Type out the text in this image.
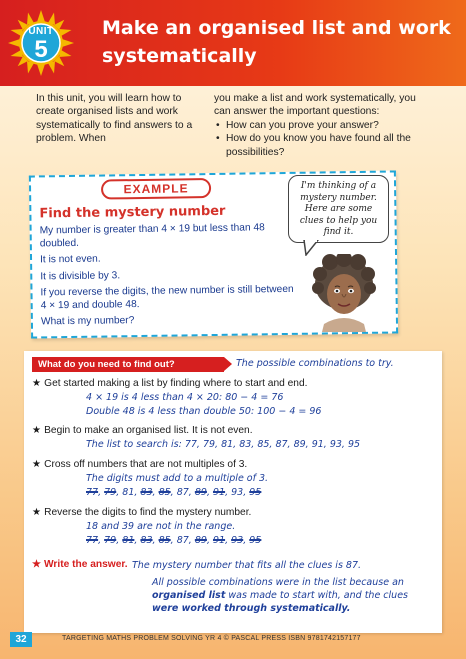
UNIT
5
Make an organised list and work
systematically
In this unit, you will learn how to create organised lists and work systematically to find answers to a problem. When
you make a list and work systematically, you can answer the important questions:
• How can you prove your answer?
• How do you know you have found all the possibilities?
EXAMPLE
Find the mystery number

My number is greater than 4 × 19 but less than 48 doubled.

It is not even.

It is divisible by 3.

If you reverse the digits, the new number is still between 4 × 19 and double 48.

What is my number?

I'm thinking of a mystery number. Here are some clues to help you find it.
What do you need to find out?	The possible combinations to try.
★ Get started making a list by finding where to start and end.
4 × 19 is 4 less than 4 × 20: 80 − 4 = 76
Double 48 is 4 less than double 50: 100 − 4 = 96
★ Begin to make an organised list. It is not even.
The list to search is: 77, 79, 81, 83, 85, 87, 89, 91, 93, 95
★ Cross off numbers that are not multiples of 3.
The digits must add to a multiple of 3.
77, 79, 81, 83, 85, 87, 89, 91, 93, 95
★ Reverse the digits to find the mystery number.
18 and 39 are not in the range.
77, 79, 81, 83, 85, 87, 89, 91, 93, 95
★ Write the answer. The mystery number that fits all the clues is 87.
All possible combinations were in the list because an organised list was made to start with, and the clues were worked through systematically.
32	TARGETING MATHS PROBLEM SOLVING YR 4 © PASCAL PRESS ISBN 9781742157177
